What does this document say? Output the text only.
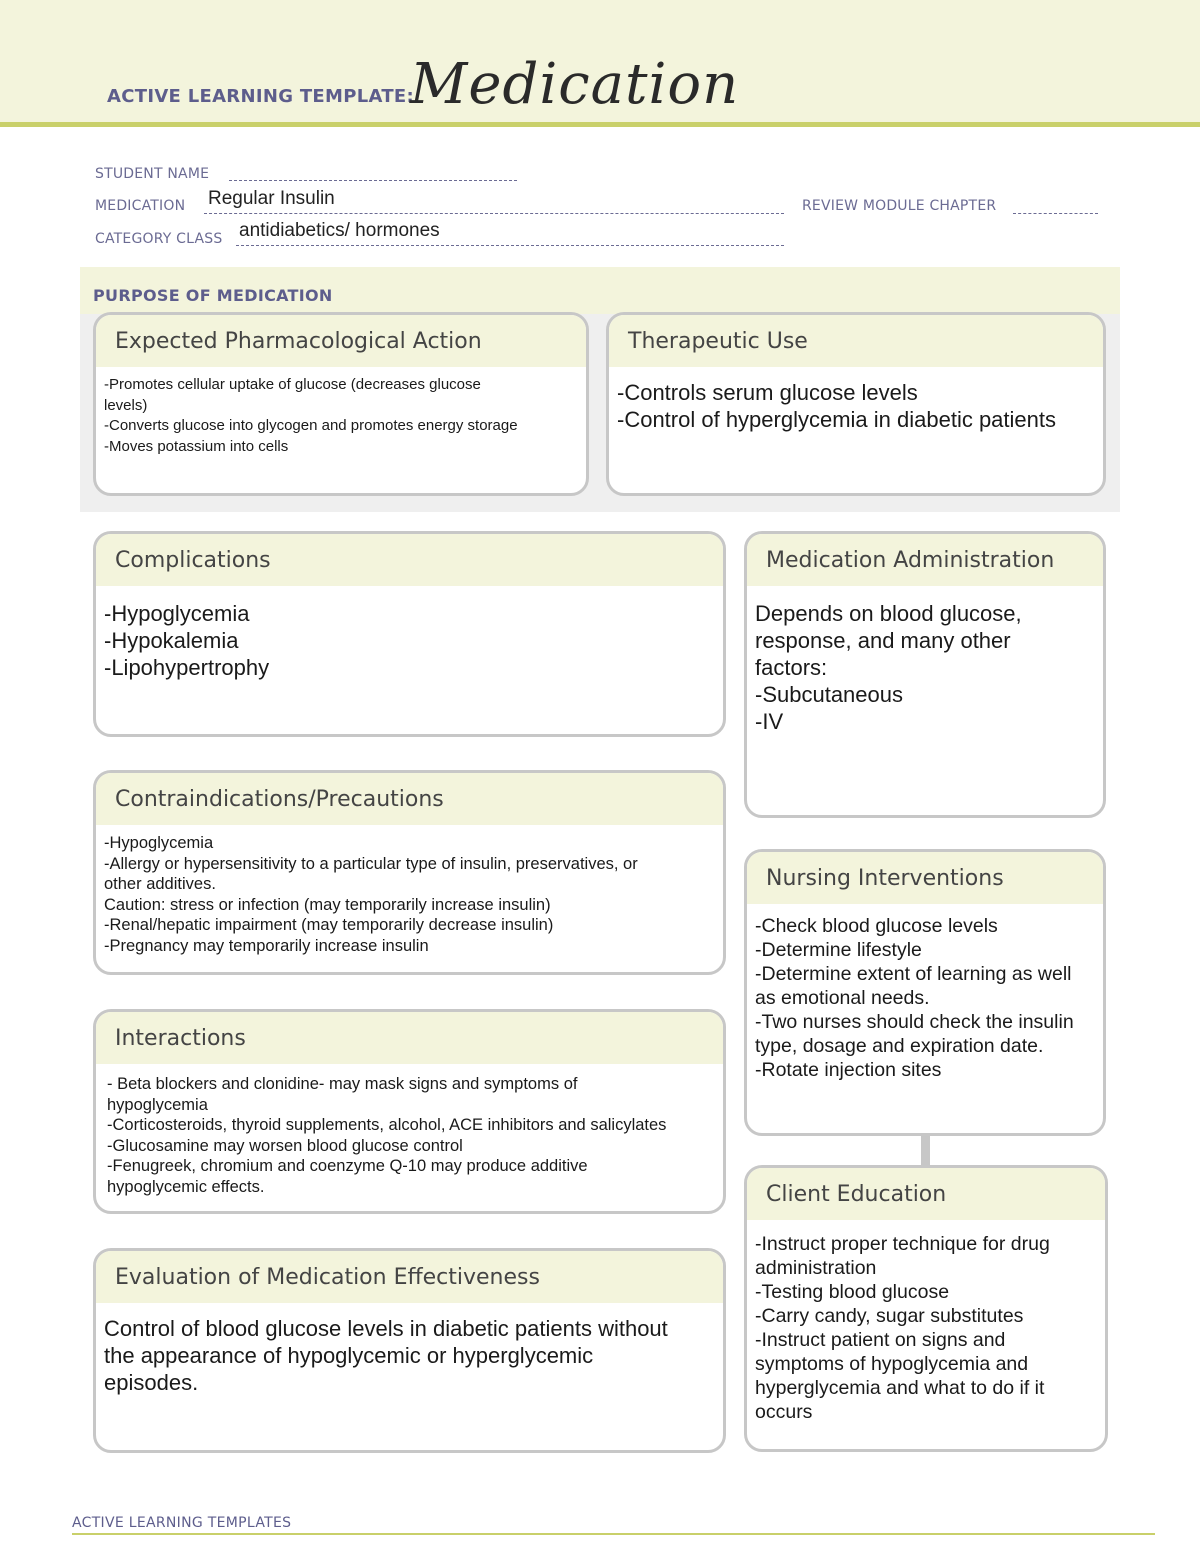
ACTIVE LEARNING TEMPLATE:
Medication
STUDENT NAME
MEDICATION Regular Insulin	REVIEW MODULE CHAPTER
CATEGORY CLASS antidiabetics/ hormones
PURPOSE OF MEDICATION
Expected Pharmacological Action
-Promotes cellular uptake of glucose (decreases glucose
levels)
-Converts glucose into glycogen and promotes energy storage
-Moves potassium into cells
Therapeutic Use
-Controls serum glucose levels
-Control of hyperglycemia in diabetic patients
Complications
-Hypoglycemia
-Hypokalemia
-Lipohypertrophy
Medication Administration
Depends on blood glucose,
response, and many other
factors:
-Subcutaneous
-IV
Contraindications/Precautions
-Hypoglycemia
-Allergy or hypersensitivity to a particular type of insulin, preservatives, or
other additives.
Caution: stress or infection (may temporarily increase insulin)
-Renal/hepatic impairment (may temporarily decrease insulin)
-Pregnancy may temporarily increase insulin
Nursing Interventions
-Check blood glucose levels
-Determine lifestyle
-Determine extent of learning as well
as emotional needs.
-Two nurses should check the insulin
type, dosage and expiration date.
-Rotate injection sites
Interactions
- Beta blockers and clonidine- may mask signs and symptoms of
hypoglycemia
-Corticosteroids, thyroid supplements, alcohol, ACE inhibitors and salicylates
-Glucosamine may worsen blood glucose control
-Fenugreek, chromium and coenzyme Q-10 may produce additive
hypoglycemic effects.	Client Education
-Instruct proper technique for drug
administration
-Testing blood glucose
-Carry candy, sugar substitutes
-Instruct patient on signs and
symptoms of hypoglycemia and
hyperglycemia and what to do if it
occurs
Evaluation of Medication Effectiveness
Control of blood glucose levels in diabetic patients without
the appearance of hypoglycemic or hyperglycemic
episodes.
ACTIVE LEARNING TEMPLATES
